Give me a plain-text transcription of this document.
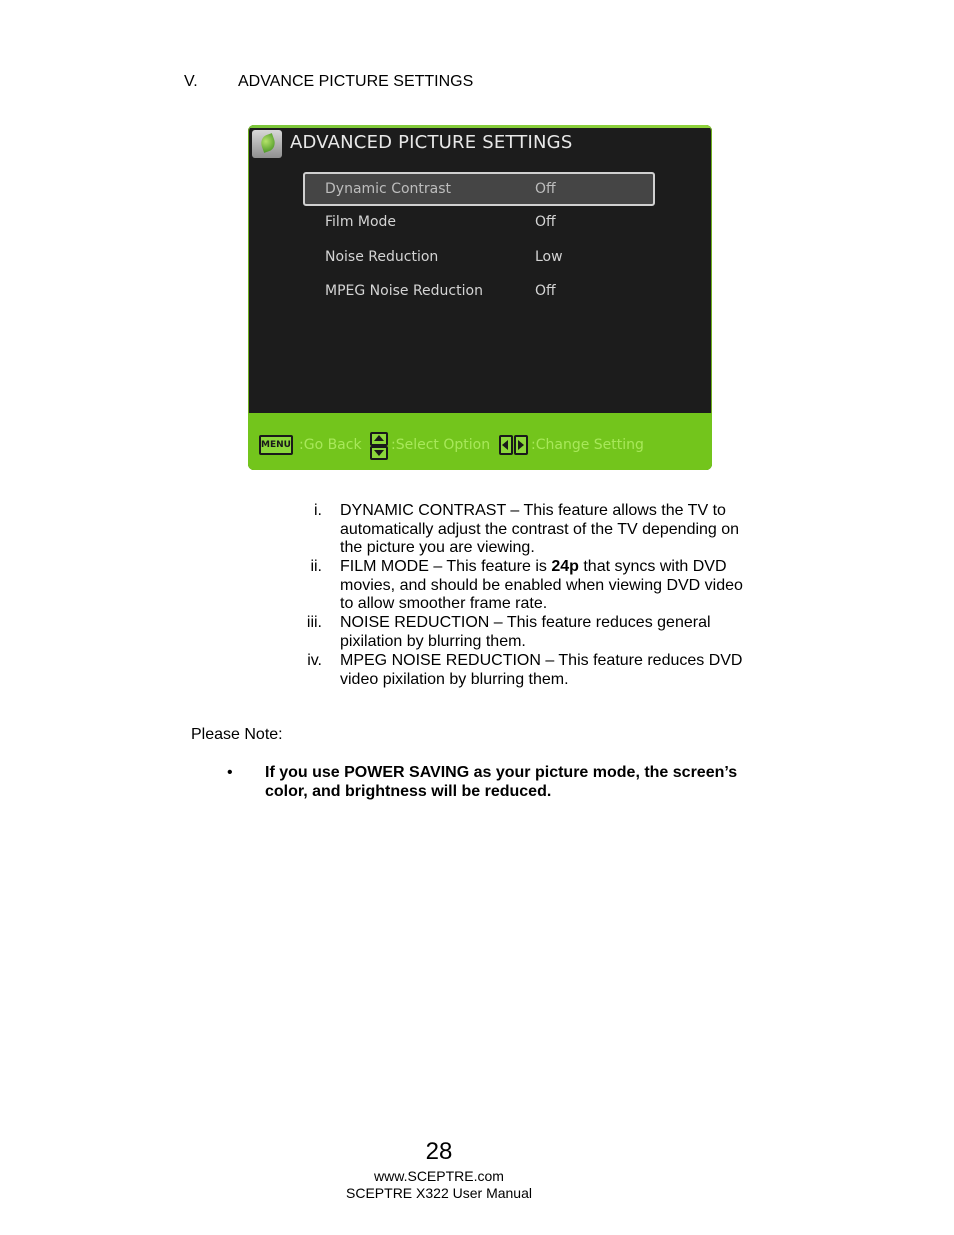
V.	ADVANCE PICTURE SETTINGS
ADVANCED PICTURE SETTINGS
Dynamic Contrast	Off
Film Mode	Off
Noise Reduction	Low
MPEG Noise Reduction	Off
MENU :Go Back :Select Option	:Change Setting
i. DYNAMIC CONTRAST – This feature allows the TV to
automatically adjust the contrast of the TV depending on
the picture you are viewing.
ii. FILM MODE – This feature is 24p that syncs with DVD
movies, and should be enabled when viewing DVD video
to allow smoother frame rate.
iii. NOISE REDUCTION – This feature reduces general
pixilation by blurring them.
iv. MPEG NOISE REDUCTION – This feature reduces DVD
video pixilation by blurring them.
Please Note:
• If you use POWER SAVING as your picture mode, the screen’s
color, and brightness will be reduced.
28
www.SCEPTRE.com
SCEPTRE X322 User Manual
